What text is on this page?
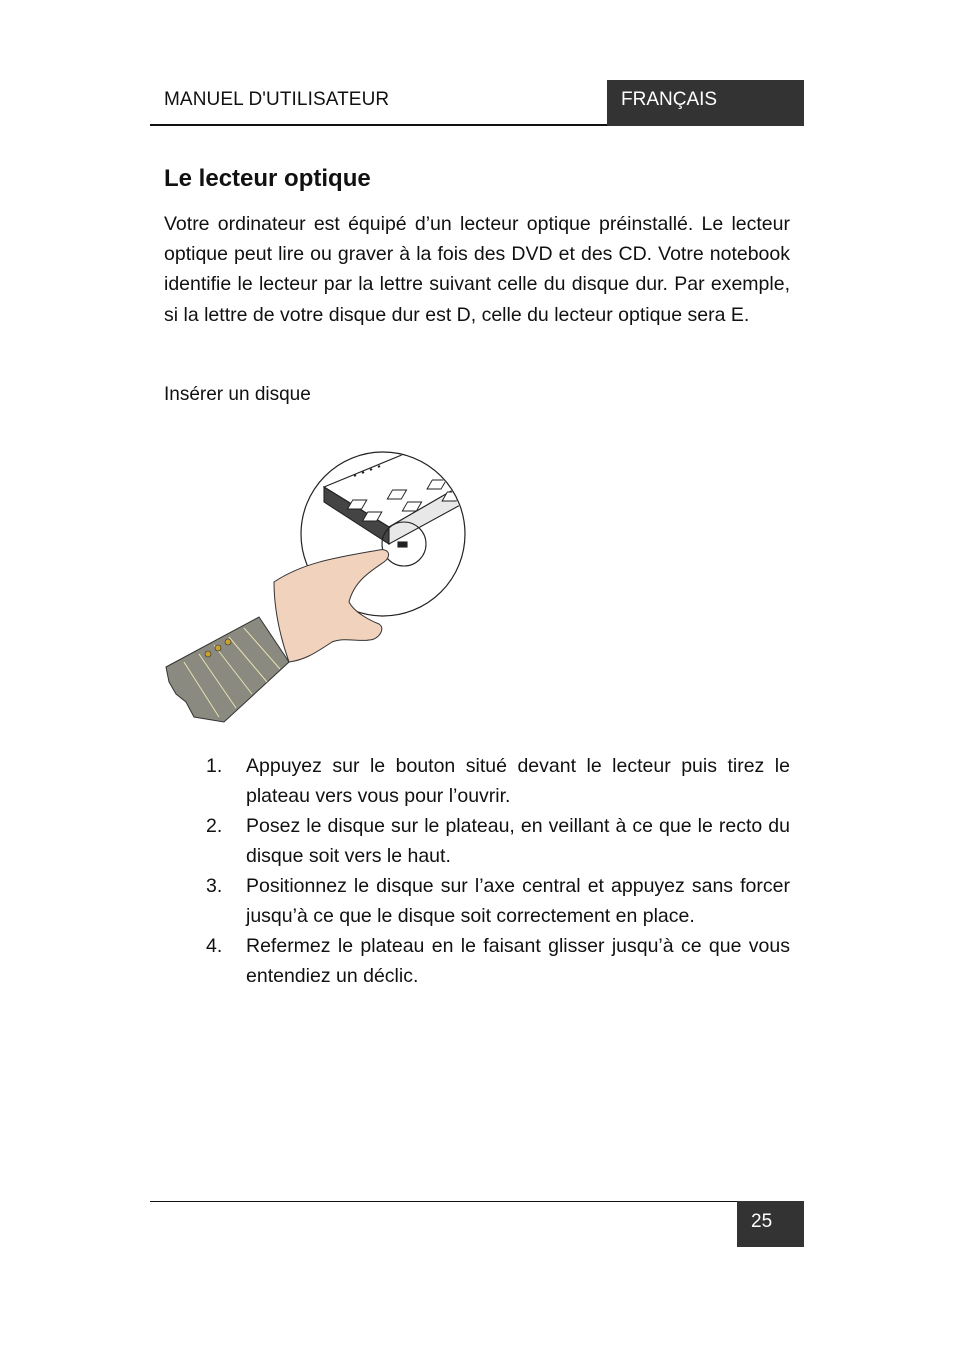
MANUEL D'UTILISATEUR	FRANÇAIS
Le lecteur optique

Votre ordinateur est équipé d’un lecteur optique préinstallé. Le lecteur optique peut lire ou graver à la fois des DVD et des CD. Votre notebook identifie le lecteur par la lettre suivant celle du disque dur. Par exemple, si la lettre de votre disque dur est D, celle du lecteur optique sera E.

Insérer un disque
1. Appuyez sur le bouton situé devant le lecteur puis tirez le plateau vers vous pour l’ouvrir.
2. Posez le disque sur le plateau, en veillant à ce que le recto du disque soit vers le haut.
3. Positionnez le disque sur l’axe central et appuyez sans forcer jusqu’à ce que le disque soit correctement en place.
4. Refermez le plateau en le faisant glisser jusqu’à ce que vous entendiez un déclic.
25
